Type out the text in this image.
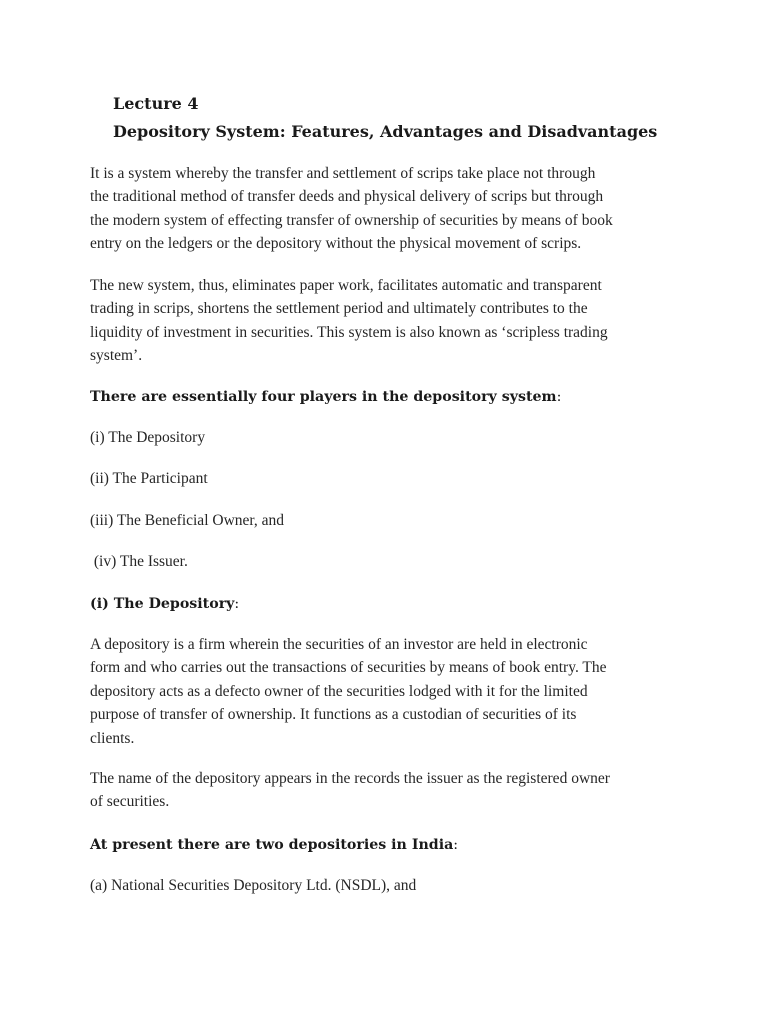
Lecture 4
Depository System: Features, Advantages and Disadvantages
It is a system whereby the transfer and settlement of scrips take place not through
the traditional method of transfer deeds and physical delivery of scrips but through
the modern system of effecting transfer of ownership of securities by means of book
entry on the ledgers or the depository without the physical movement of scrips.
The new system, thus, eliminates paper work, facilitates automatic and transparent
trading in scrips, shortens the settlement period and ultimately contributes to the
liquidity of investment in securities. This system is also known as ‘scripless trading
system’.
There are essentially four players in the depository system:
(i) The Depository
(ii) The Participant
(iii) The Beneficial Owner, and
(iv) The Issuer.
(i) The Depository:
A depository is a firm wherein the securities of an investor are held in electronic
form and who carries out the transactions of securities by means of book entry. The
depository acts as a defecto owner of the securities lodged with it for the limited
purpose of transfer of ownership. It functions as a custodian of securities of its
clients.
The name of the depository appears in the records the issuer as the registered owner
of securities.
At present there are two depositories in India:
(a) National Securities Depository Ltd. (NSDL), and
